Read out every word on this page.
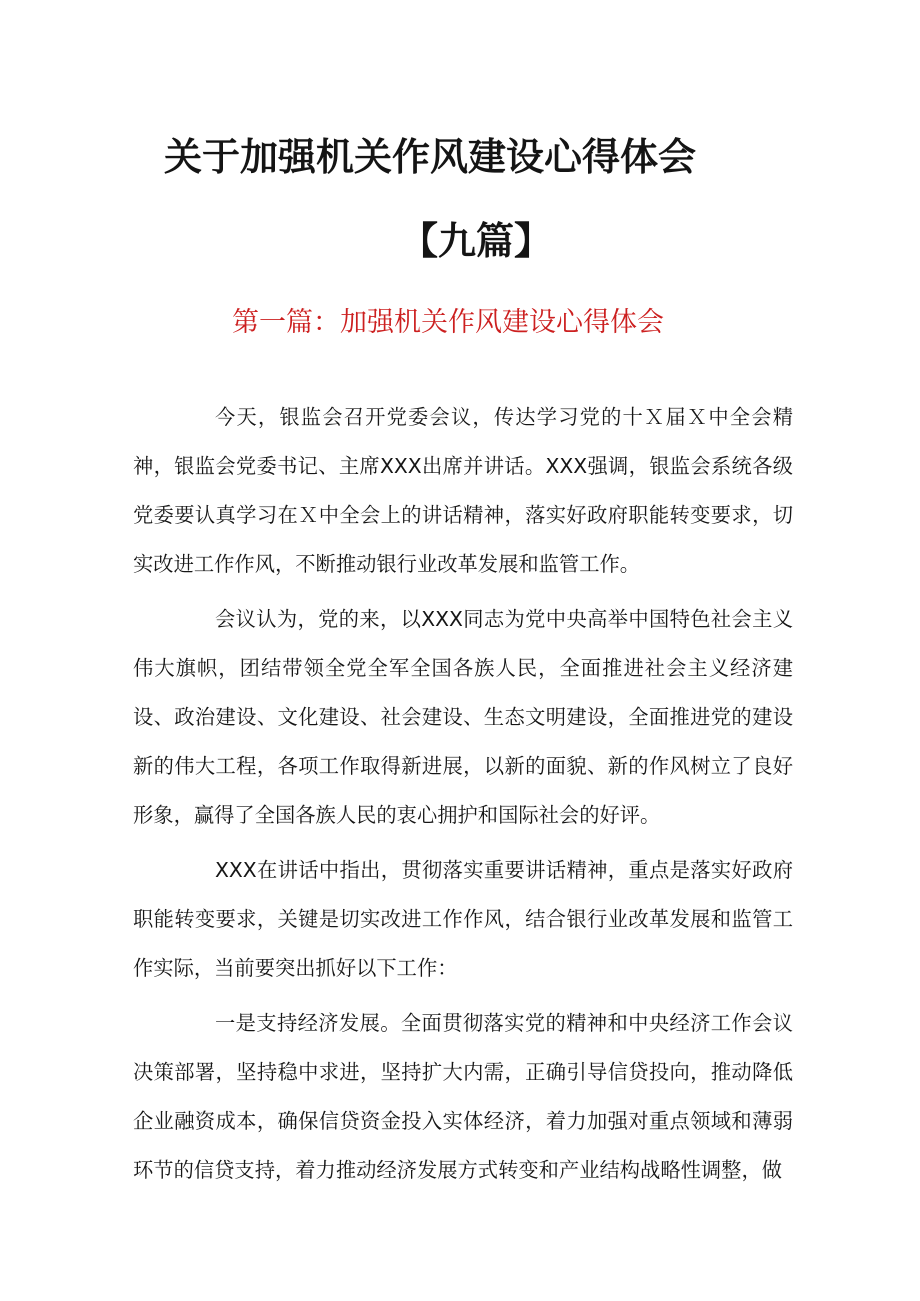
关于加强机关作风建设心得体会
【九篇】
第一篇：加强机关作风建设心得体会

今天，银监会召开党委会议，传达学习党的十Ｘ届Ｘ中全会精神，银监会党委书记、主席XXX出席并讲话。XXX强调，银监会系统各级党委要认真学习在Ｘ中全会上的讲话精神，落实好政府职能转变要求，切实改进工作作风，不断推动银行业改革发展和监管工作。

会议认为，党的来，以XXX同志为党中央高举中国特色社会主义伟大旗帜，团结带领全党全军全国各族人民，全面推进社会主义经济建设、政治建设、文化建设、社会建设、生态文明建设，全面推进党的建设新的伟大工程，各项工作取得新进展，以新的面貌、新的作风树立了良好形象，赢得了全国各族人民的衷心拥护和国际社会的好评。

XXX在讲话中指出，贯彻落实重要讲话精神，重点是落实好政府职能转变要求，关键是切实改进工作作风，结合银行业改革发展和监管工作实际，当前要突出抓好以下工作：

一是支持经济发展。全面贯彻落实党的精神和中央经济工作会议决策部署，坚持稳中求进，坚持扩大内需，正确引导信贷投向，推动降低企业融资成本，确保信贷资金投入实体经济，着力加强对重点领域和薄弱环节的信贷支持，着力推动经济发展方式转变和产业结构战略性调整，做
